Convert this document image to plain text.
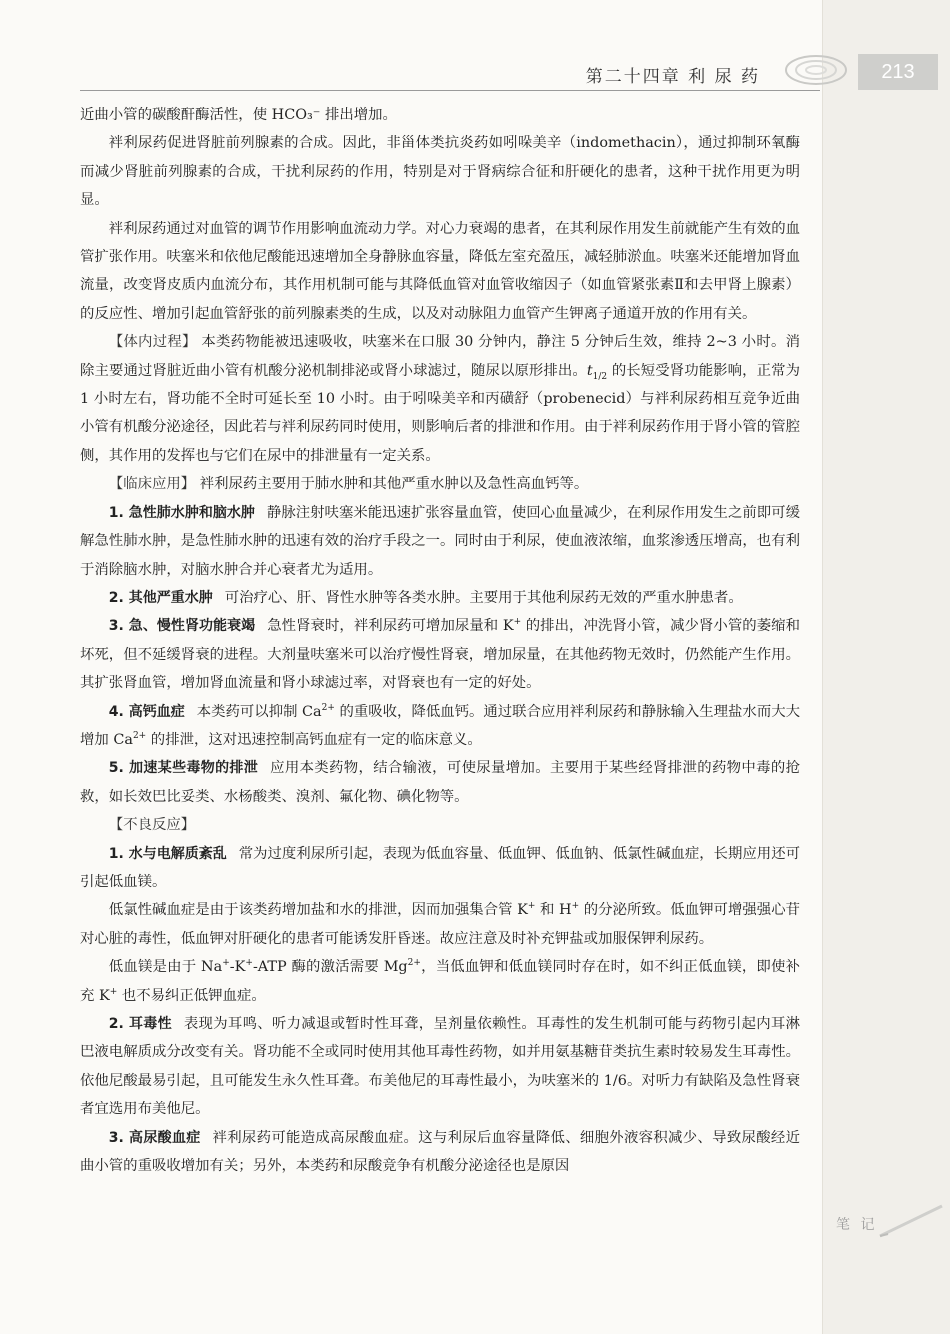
213
第二十四章 利 尿 药

近曲小管的碳酸酐酶活性，使 HCO₃⁻ 排出增加。

袢利尿药促进肾脏前列腺素的合成。因此，非甾体类抗炎药如吲哚美辛（indomethacin），通过抑制环氧酶而减少肾脏前列腺素的合成，干扰利尿药的作用，特别是对于肾病综合征和肝硬化的患者，这种干扰作用更为明显。

袢利尿药通过对血管的调节作用影响血流动力学。对心力衰竭的患者，在其利尿作用发生前就能产生有效的血管扩张作用。呋塞米和依他尼酸能迅速增加全身静脉血容量，降低左室充盈压，减轻肺淤血。呋塞米还能增加肾血流量，改变肾皮质内血流分布，其作用机制可能与其降低血管对血管收缩因子（如血管紧张素Ⅱ和去甲肾上腺素）的反应性、增加引起血管舒张的前列腺素类的生成，以及对动脉阻力血管产生钾离子通道开放的作用有关。

【体内过程】 本类药物能被迅速吸收，呋塞米在口服 30 分钟内，静注 5 分钟后生效，维持 2~3 小时。消除主要通过肾脏近曲小管有机酸分泌机制排泌或肾小球滤过，随尿以原形排出。$t_{1/2}$ 的长短受肾功能影响，正常为 1 小时左右，肾功能不全时可延长至 10 小时。由于吲哚美辛和丙磺舒（probenecid）与袢利尿药相互竞争近曲小管有机酸分泌途径，因此若与袢利尿药同时使用，则影响后者的排泄和作用。由于袢利尿药作用于肾小管的管腔侧，其作用的发挥也与它们在尿中的排泄量有一定关系。

【临床应用】 袢利尿药主要用于肺水肿和其他严重水肿以及急性高血钙等。

1. 急性肺水肿和脑水肿 静脉注射呋塞米能迅速扩张容量血管，使回心血量减少，在利尿作用发生之前即可缓解急性肺水肿，是急性肺水肿的迅速有效的治疗手段之一。同时由于利尿，使血液浓缩，血浆渗透压增高，也有利于消除脑水肿，对脑水肿合并心衰者尤为适用。

2. 其他严重水肿 可治疗心、肝、肾性水肿等各类水肿。主要用于其他利尿药无效的严重水肿患者。

3. 急、慢性肾功能衰竭 急性肾衰时，袢利尿药可增加尿量和 K+ 的排出，冲洗肾小管，减少肾小管的萎缩和坏死，但不延缓肾衰的进程。大剂量呋塞米可以治疗慢性肾衰，增加尿量，在其他药物无效时，仍然能产生作用。其扩张肾血管，增加肾血流量和肾小球滤过率，对肾衰也有一定的好处。

4. 高钙血症 本类药可以抑制 $Ca^{2+}$ 的重吸收，降低血钙。通过联合应用袢利尿药和静脉输入生理盐水而大大增加 $Ca^{2+}$ 的排泄，这对迅速控制高钙血症有一定的临床意义。

5. 加速某些毒物的排泄 应用本类药物，结合输液，可使尿量增加。主要用于某些经肾排泄的药物中毒的抢救，如长效巴比妥类、水杨酸类、溴剂、氟化物、碘化物等。

【不良反应】

1. 水与电解质紊乱 常为过度利尿所引起，表现为低血容量、低血钾、低血钠、低氯性碱血症，长期应用还可引起低血镁。

低氯性碱血症是由于该类药增加盐和水的排泄，因而加强集合管 K+ 和 H+ 的分泌所致。低血钾可增强强心苷对心脏的毒性，低血钾对肝硬化的患者可能诱发肝昏迷。故应注意及时补充钾盐或加服保钾利尿药。

低血镁是由于 Na+-K+-ATP 酶的激活需要 $Mg^{2+}$，当低血钾和低血镁同时存在时，如不纠正低血镁，即使补充 K+ 也不易纠正低钾血症。

2. 耳毒性 表现为耳鸣、听力减退或暂时性耳聋，呈剂量依赖性。耳毒性的发生机制可能与药物引起内耳淋巴液电解质成分改变有关。肾功能不全或同时使用其他耳毒性药物，如并用氨基糖苷类抗生素时较易发生耳毒性。依他尼酸最易引起，且可能发生永久性耳聋。布美他尼的耳毒性最小，为呋塞米的 1/6。对听力有缺陷及急性肾衰者宜选用布美他尼。

3. 高尿酸血症 袢利尿药可能造成高尿酸血症。这与利尿后血容量降低、细胞外液容积减少、导致尿酸经近曲小管的重吸收增加有关；另外，本类药和尿酸竞争有机酸分泌途径也是原因

笔 记
